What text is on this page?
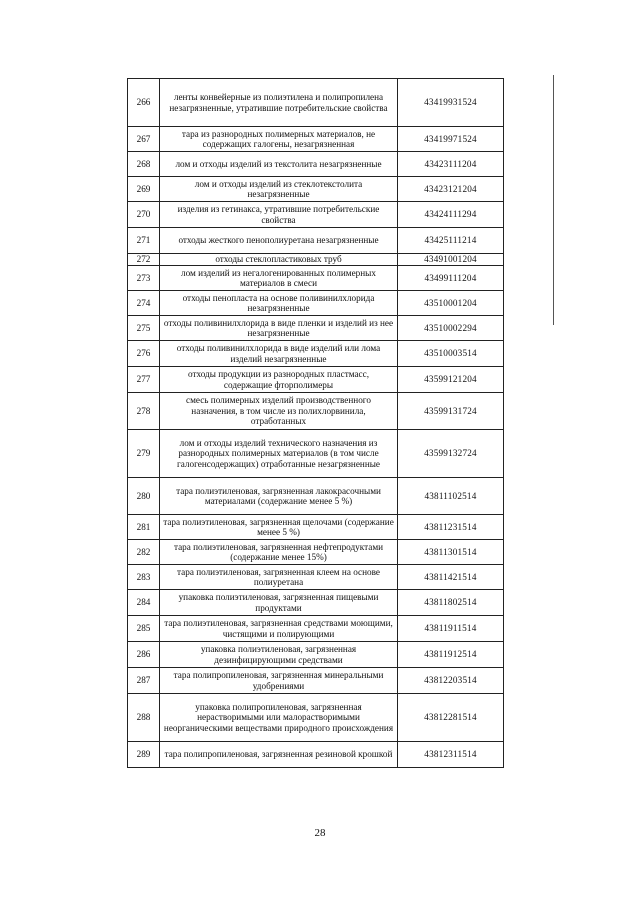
266	ленты конвейерные из полиэтилена и полипропилена незагрязненные, утратившие потребительские свойства	43419931524
267	тара из разнородных полимерных материалов, не содержащих галогены, незагрязненная	43419971524
268	лом и отходы изделий из текстолита незагрязненные	43423111204
269	лом и отходы изделий из стеклотекстолита незагрязненные	43423121204
270	изделия из гетинакса, утратившие потребительские свойства	43424111294
271	отходы жесткого пенополиуретана незагрязненные	43425111214
272	отходы стеклопластиковых труб	43491001204
273	лом изделий из негалогенированных полимерных материалов в смеси	43499111204
274	отходы пенопласта на основе поливинилхлорида незагрязненные	43510001204
275	отходы поливинилхлорида в виде пленки и изделий из нее незагрязненные	43510002294
276	отходы поливинилхлорида в виде изделий или лома изделий незагрязненные	43510003514
277	отходы продукции из разнородных пластмасс, содержащие фторполимеры	43599121204
278	смесь полимерных изделий производственного назначения, в том числе из полихлорвинила, отработанных	43599131724
279	лом и отходы изделий технического назначения из разнородных полимерных материалов (в том числе галогенсодержащих) отработанные незагрязненные	43599132724
280	тара полиэтиленовая, загрязненная лакокрасочными материалами (содержание менее 5 %)	43811102514
281	тара полиэтиленовая, загрязненная щелочами (содержание менее 5 %)	43811231514
282	тара полиэтиленовая, загрязненная нефтепродуктами (содержание менее 15%)	43811301514
283	тара полиэтиленовая, загрязненная клеем на основе полиуретана	43811421514
284	упаковка полиэтиленовая, загрязненная пищевыми продуктами	43811802514
285	тара полиэтиленовая, загрязненная средствами моющими, чистящими и полирующими	43811911514
286	упаковка полиэтиленовая, загрязненная дезинфицирующими средствами	43811912514
287	тара полипропиленовая, загрязненная минеральными удобрениями	43812203514
288	упаковка полипропиленовая, загрязненная нерастворимыми или малорастворимыми неорганическими веществами природного происхождения	43812281514
289	тара полипропиленовая, загрязненная резиновой крошкой	43812311514
28
